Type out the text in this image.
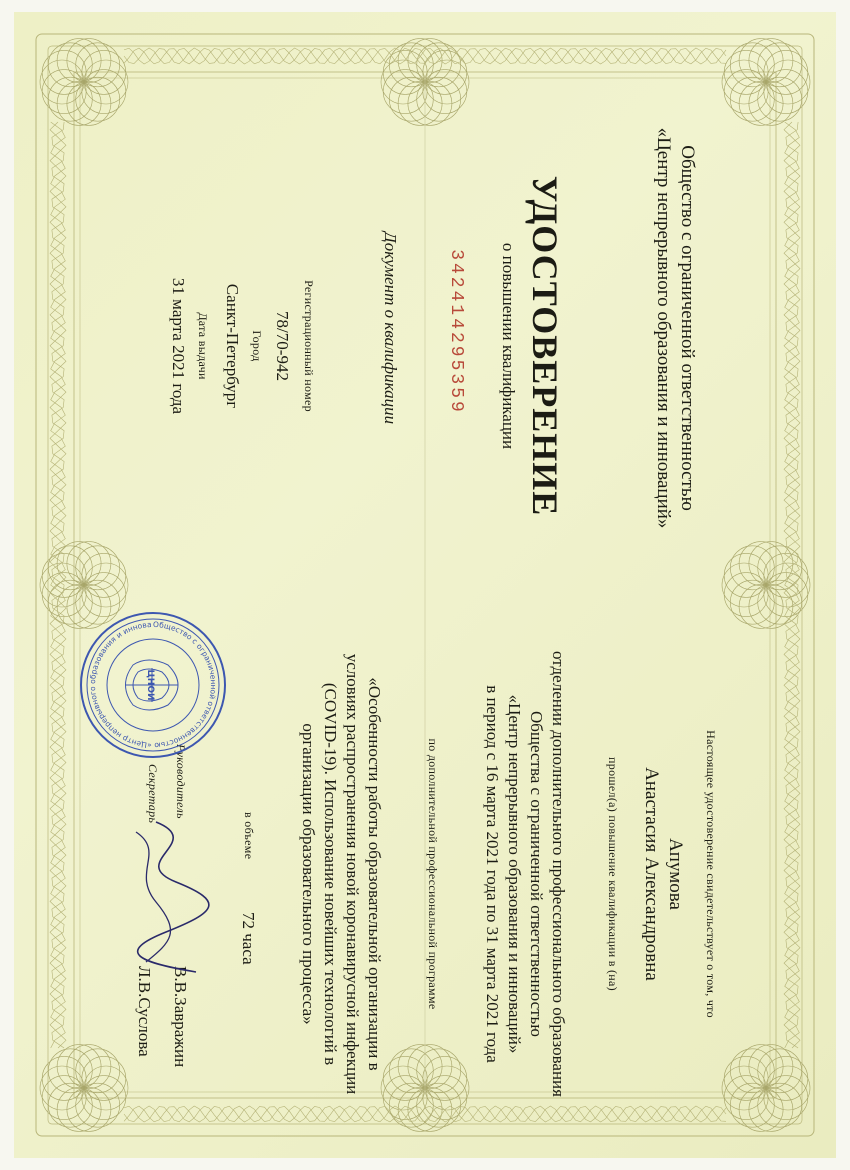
Общество с ограниченной ответственностью
«Центр непрерывного образования и инноваций»
УДОСТОВЕРЕНИЕ
о повышении квалификации
342414295359
Документ о квалификации
Регистрационный номер
78/70-942
Город
Санкт-Петербург
Дата выдачи
31 марта 2021 года
Настоящее удостоверение свидетельствует о том, что
Апумова
Анастасия Александровна
прошел(а) повышение квалификации в (на)
отделении дополнительного профессионального образования
Общества с ограниченной ответственностью
«Центр непрерывного образования и инноваций»
в период с 16 марта 2021 года по 31 марта 2021 года
по дополнительной профессиональной программе
«Особенности работы образовательной организации в
условиях распространения новой коронавирусной инфекции
(COVID-19). Использование новейших технологий в
организации образовательного процесса»
в объеме
72 часа
Руководитель
В.В.Завражин
Секретарь
Л.В.Суслова
Общество с ограниченной ответственностью «Центр непрерывного образования и иннова
ЦНОИ
